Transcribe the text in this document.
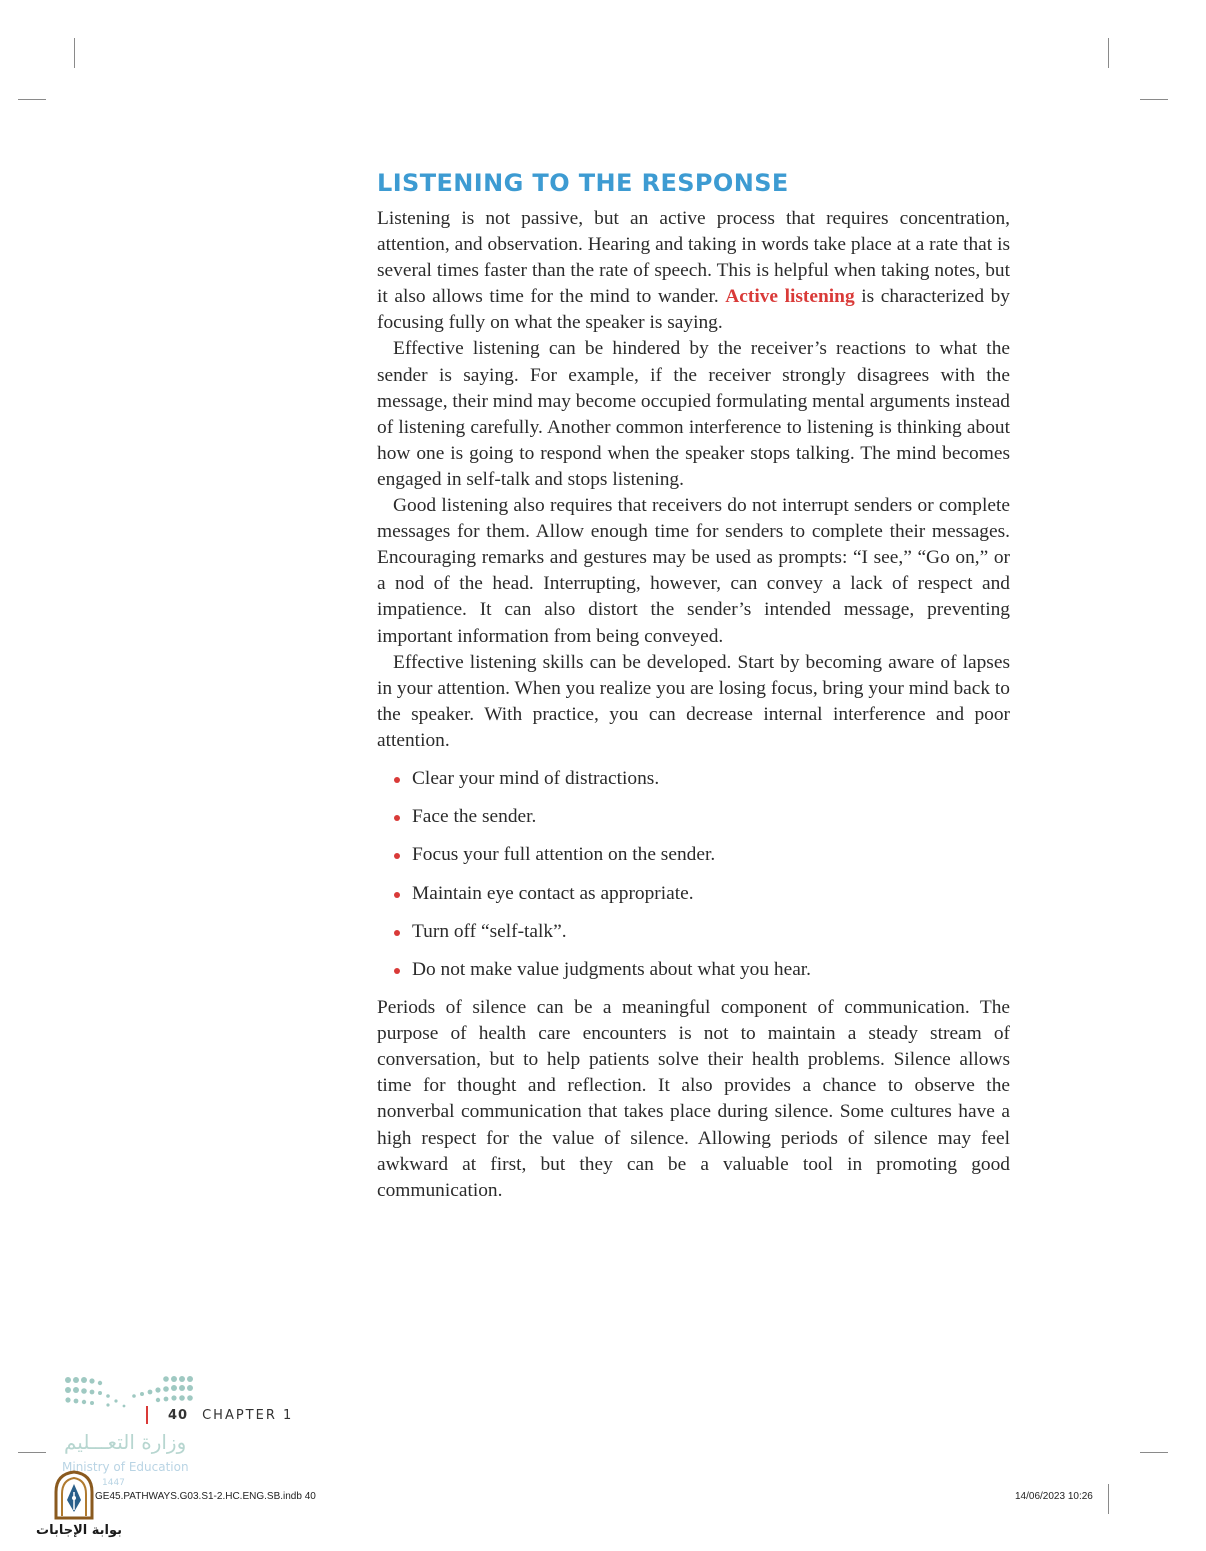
LISTENING TO THE RESPONSE

Listening is not passive, but an active process that requires concentration, attention, and observation. Hearing and taking in words take place at a rate that is several times faster than the rate of speech. This is helpful when taking notes, but it also allows time for the mind to wander. Active listening is characterized by focusing fully on what the speaker is saying.

Effective listening can be hindered by the receiver’s reactions to what the sender is saying. For example, if the receiver strongly disagrees with the message, their mind may become occupied formulating mental arguments instead of listening carefully. Another common interference to listening is thinking about how one is going to respond when the speaker stops talking. The mind becomes engaged in self-talk and stops listening.

Good listening also requires that receivers do not interrupt senders or complete messages for them. Allow enough time for senders to complete their messages. Encouraging remarks and gestures may be used as prompts: “I see,” “Go on,” or a nod of the head. Interrupting, however, can convey a lack of respect and impatience. It can also distort the sender’s intended message, preventing important information from being conveyed.

Effective listening skills can be developed. Start by becoming aware of lapses in your attention. When you realize you are losing focus, bring your mind back to the speaker. With practice, you can decrease internal interference and poor attention.

Clear your mind of distractions.
Face the sender.
Focus your full attention on the sender.
Maintain eye contact as appropriate.
Turn off “self-talk”.
Do not make value judgments about what you hear.

Periods of silence can be a meaningful component of communication. The purpose of health care encounters is not to maintain a steady stream of conversation, but to help patients solve their health problems. Silence allows time for thought and reflection. It also provides a chance to observe the nonverbal communication that takes place during silence. Some cultures have a high respect for the value of silence. Allowing periods of silence may feel awkward at first, but they can be a valuable tool in promoting good communication.

40 CHAPTER 1
وزارة التعـــليم
Ministry of Education
1447
GE45.PATHWAYS.G03.S1-2.HC.ENG.SB.indb 40	14/06/2023 10:26
بوابة الإجابات
